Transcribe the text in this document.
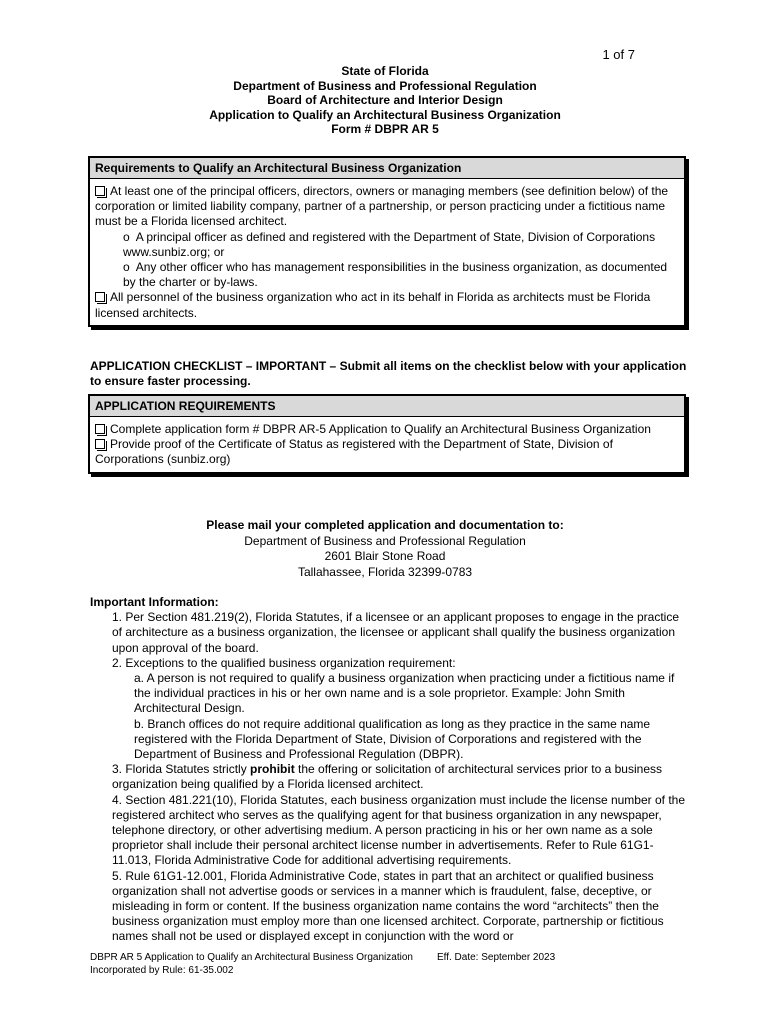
1 of 7
State of Florida
Department of Business and Professional Regulation
Board of Architecture and Interior Design
Application to Qualify an Architectural Business Organization
Form # DBPR AR 5
Requirements to Qualify an Architectural Business Organization
At least one of the principal officers, directors, owners or managing members (see definition below) of the corporation or limited liability company, partner of a partnership, or person practicing under a fictitious name must be a Florida licensed architect.
o  A principal officer as defined and registered with the Department of State, Division of Corporations www.sunbiz.org; or
o  Any other officer who has management responsibilities in the business organization, as documented by the charter or by-laws.
All personnel of the business organization who act in its behalf in Florida as architects must be Florida licensed architects.
APPLICATION CHECKLIST – IMPORTANT – Submit all items on the checklist below with your application to ensure faster processing.
APPLICATION REQUIREMENTS
Complete application form # DBPR AR-5 Application to Qualify an Architectural Business Organization
Provide proof of the Certificate of Status as registered with the Department of State, Division of Corporations (sunbiz.org)
Please mail your completed application and documentation to:
Department of Business and Professional Regulation
2601 Blair Stone Road
Tallahassee, Florida 32399-0783
Important Information:
1. Per Section 481.219(2), Florida Statutes, if a licensee or an applicant proposes to engage in the practice of architecture as a business organization, the licensee or applicant shall qualify the business organization upon approval of the board.
2. Exceptions to the qualified business organization requirement:
a. A person is not required to qualify a business organization when practicing under a fictitious name if the individual practices in his or her own name and is a sole proprietor. Example: John Smith Architectural Design.
b. Branch offices do not require additional qualification as long as they practice in the same name registered with the Florida Department of State, Division of Corporations and registered with the Department of Business and Professional Regulation (DBPR).
3. Florida Statutes strictly prohibit the offering or solicitation of architectural services prior to a business organization being qualified by a Florida licensed architect.
4. Section 481.221(10), Florida Statutes, each business organization must include the license number of the registered architect who serves as the qualifying agent for that business organization in any newspaper, telephone directory, or other advertising medium. A person practicing in his or her own name as a sole proprietor shall include their personal architect license number in advertisements. Refer to Rule 61G1-11.013, Florida Administrative Code for additional advertising requirements.
5. Rule 61G1-12.001, Florida Administrative Code, states in part that an architect or qualified business organization shall not advertise goods or services in a manner which is fraudulent, false, deceptive, or misleading in form or content. If the business organization name contains the word “architects” then the business organization must employ more than one licensed architect. Corporate, partnership or fictitious names shall not be used or displayed except in conjunction with the word or
DBPR AR 5 Application to Qualify an Architectural Business Organization Eff. Date: September 2023
Incorporated by Rule: 61-35.002
